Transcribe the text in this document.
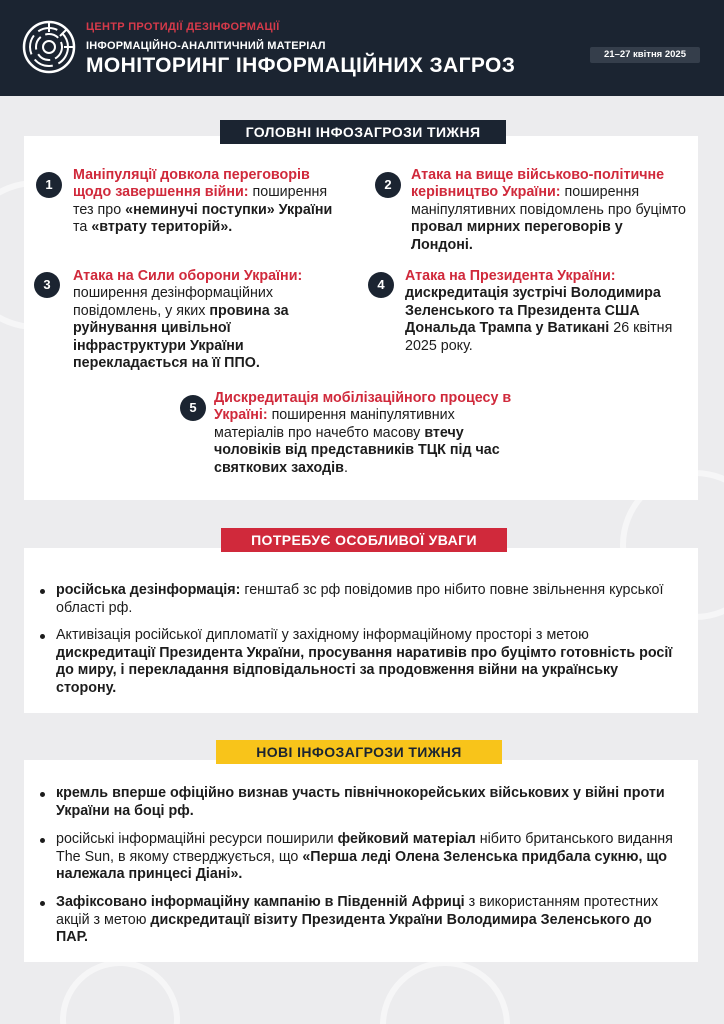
ЦЕНТР ПРОТИДІЇ ДЕЗІНФОРМАЦІЇ
ІНФОРМАЦІЙНО-АНАЛІТИЧНИЙ МАТЕРІАЛ
МОНІТОРИНГ ІНФОРМАЦІЙНИХ ЗАГРОЗ	21–27 квітня 2025
ГОЛОВНІ ІНФОЗАГРОЗИ ТИЖНЯ
1
Маніпуляції довкола переговорів щодо завершення війни: поширення тез про «неминучі поступки» України та «втрату територій».
2
Атака на вище військово-політичне керівництво України: поширення маніпулятивних повідомлень про буцімто провал мирних переговорів у Лондоні.
3
Атака на Сили оборони України: поширення дезінформаційних повідомлень, у яких провина за руйнування цивільної інфраструктури України перекладається на її ППО.
4
Атака на Президента України: дискредитація зустрічі Володимира Зеленського та Президента США Дональда Трампа у Ватикані 26 квітня 2025 року.
5
Дискредитація мобілізаційного процесу в Україні: поширення маніпулятивних матеріалів про начебто масову втечу чоловіків від представників ТЦК під час святкових заходів.
ПОТРЕБУЄ ОСОБЛИВОЇ УВАГИ
російська дезінформація: генштаб зс рф повідомив про нібито повне звільнення курської області рф.
Активізація російської дипломатії у західному інформаційному просторі з метою дискредитації Президента України, просування наративів про буцімто готовність росії до миру, і перекладання відповідальності за продовження війни на українську сторону.
НОВІ ІНФОЗАГРОЗИ ТИЖНЯ
кремль вперше офіційно визнав участь північнокорейських військових у війні проти України на боці рф.
російські інформаційні ресурси поширили фейковий матеріал нібито британського видання The Sun, в якому стверджується, що «Перша леді Олена Зеленська придбала сукню, що належала принцесі Діані».
Зафіксовано інформаційну кампанію в Південній Африці з використанням протестних акцій з метою дискредитації візиту Президента України Володимира Зеленського до ПАР.
